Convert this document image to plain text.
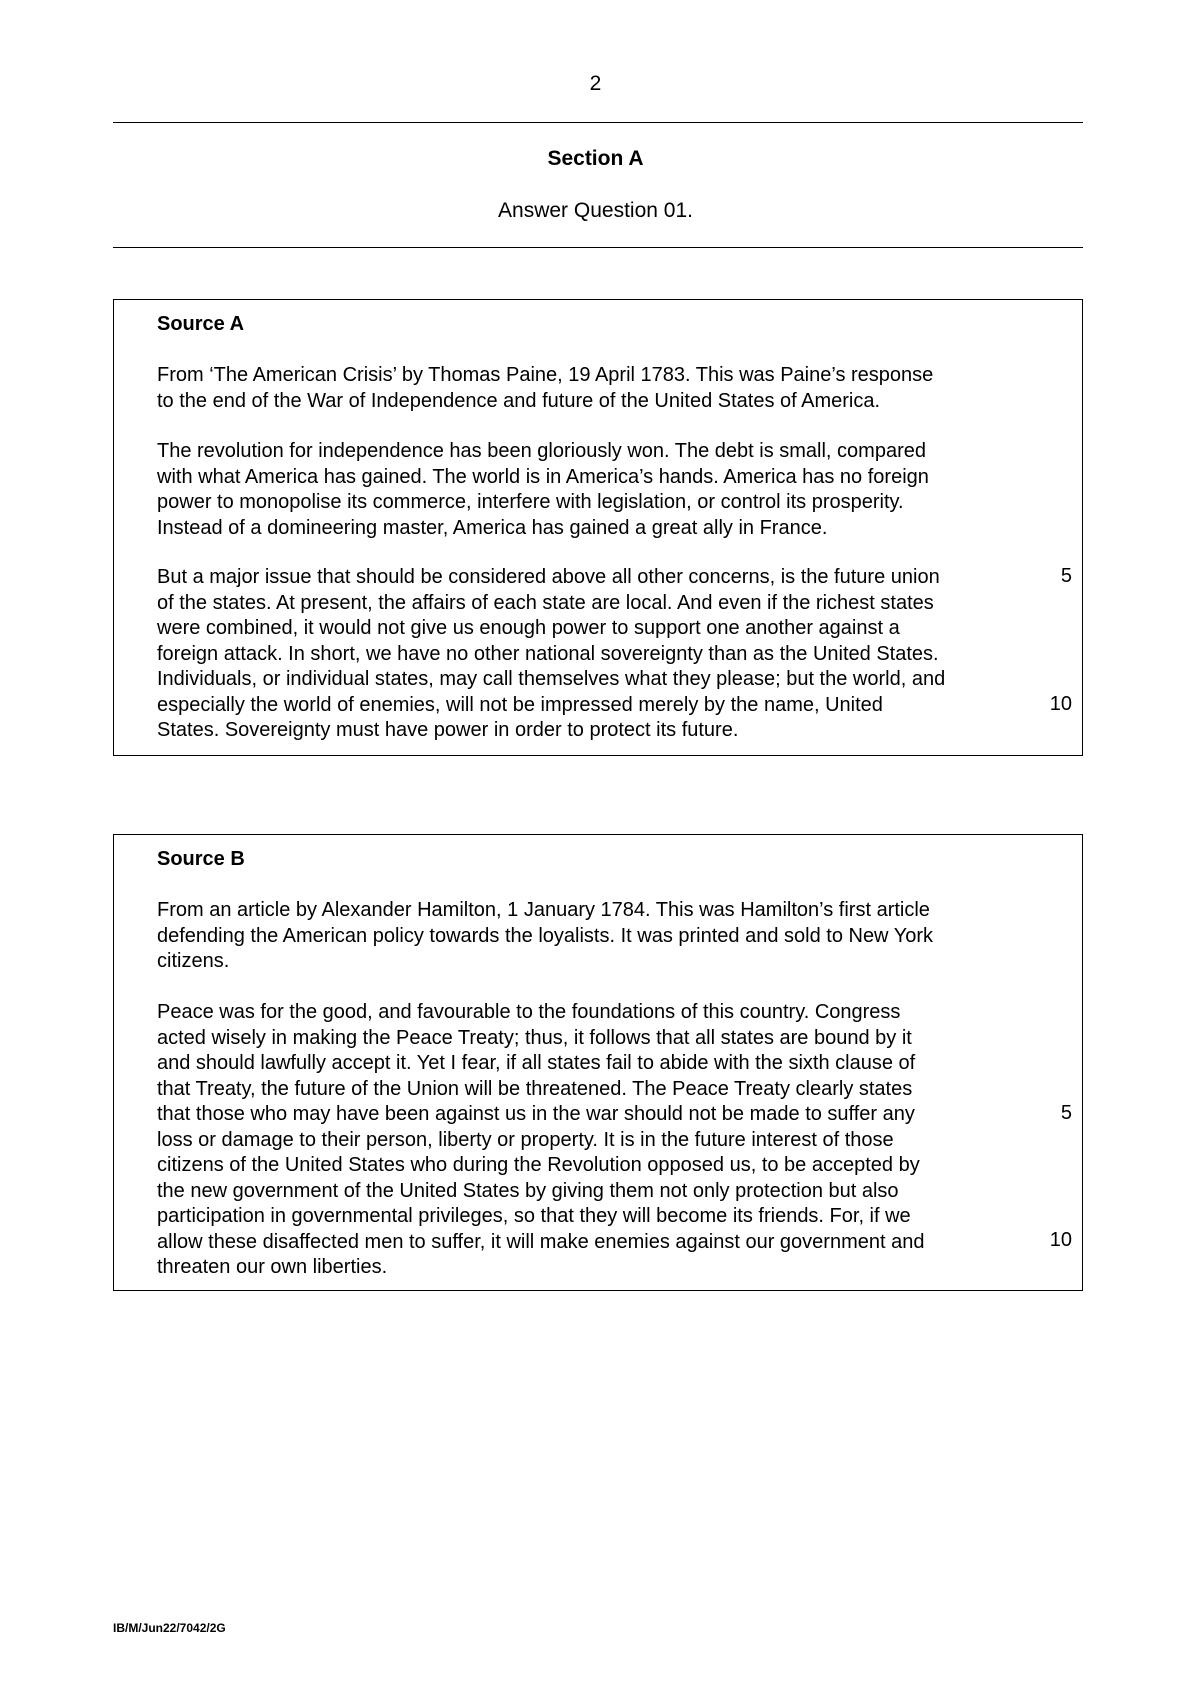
2
Section A
Answer Question 01.
Source A
From ‘The American Crisis’ by Thomas Paine, 19 April 1783. This was Paine’s response
to the end of the War of Independence and future of the United States of America.
The revolution for independence has been gloriously won. The debt is small, compared
with what America has gained. The world is in America’s hands. America has no foreign
power to monopolise its commerce, interfere with legislation, or control its prosperity.
Instead of a domineering master, America has gained a great ally in France.
But a major issue that should be considered above all other concerns, is the future union
of the states. At present, the affairs of each state are local. And even if the richest states
were combined, it would not give us enough power to support one another against a
foreign attack. In short, we have no other national sovereignty than as the United States.
Individuals, or individual states, may call themselves what they please; but the world, and
especially the world of enemies, will not be impressed merely by the name, United
States. Sovereignty must have power in order to protect its future.
5
10
Source B
From an article by Alexander Hamilton, 1 January 1784. This was Hamilton’s first article
defending the American policy towards the loyalists. It was printed and sold to New York
citizens.
Peace was for the good, and favourable to the foundations of this country. Congress
acted wisely in making the Peace Treaty; thus, it follows that all states are bound by it
and should lawfully accept it. Yet I fear, if all states fail to abide with the sixth clause of
that Treaty, the future of the Union will be threatened. The Peace Treaty clearly states
that those who may have been against us in the war should not be made to suffer any
loss or damage to their person, liberty or property. It is in the future interest of those
citizens of the United States who during the Revolution opposed us, to be accepted by
the new government of the United States by giving them not only protection but also
participation in governmental privileges, so that they will become its friends. For, if we
allow these disaffected men to suffer, it will make enemies against our government and
threaten our own liberties.
5
10
IB/M/Jun22/7042/2G
